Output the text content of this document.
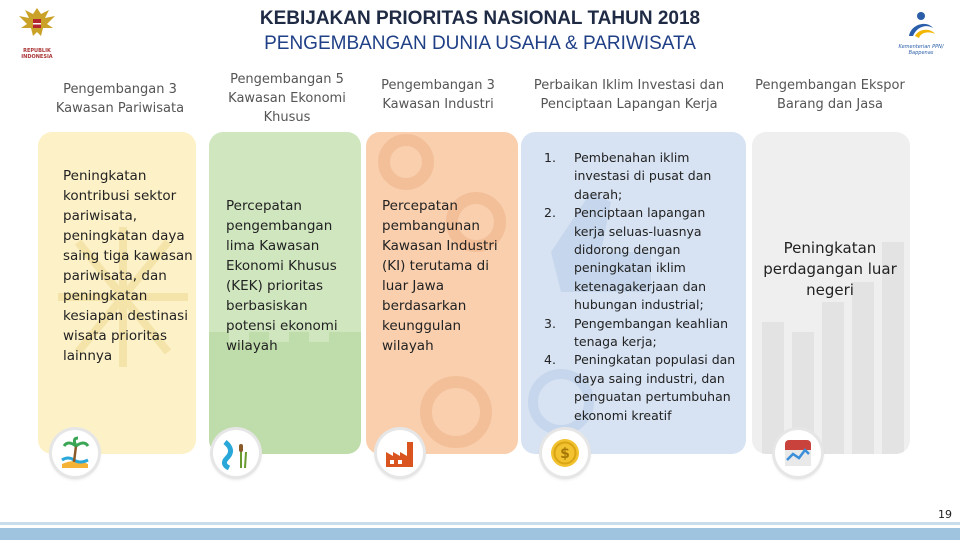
REPUBLIK
INDONESIA
KEBIJAKAN PRIORITAS NASIONAL TAHUN 2018
PENGEMBANGAN DUNIA USAHA & PARIWISATA	Kementerian PPN/
Bappenas
Pengembangan 3 Kawasan Pariwisata
Pengembangan 5 Kawasan Ekonomi Khusus
Pengembangan 3 Kawasan Industri
Perbaikan Iklim Investasi dan Penciptaan Lapangan Kerja
Pengembangan Ekspor Barang dan Jasa
Peningkatan kontribusi sektor pariwisata, peningkatan daya saing tiga kawasan pariwisata, dan peningkatan kesiapan destinasi wisata prioritas lainnya
Percepatan pengembangan lima Kawasan Ekonomi Khusus (KEK) prioritas berbasiskan potensi ekonomi wilayah
Percepatan pembangunan Kawasan Industri (KI) terutama di luar Jawa berdasarkan keunggulan wilayah
1. Pembenahan iklim investasi di pusat dan daerah;
2. Penciptaan lapangan kerja seluas-luasnya didorong dengan peningkatan iklim ketenagakerjaan dan hubungan industrial;
3. Pengembangan keahlian tenaga kerja;
4. Peningkatan populasi dan daya saing industri, dan penguatan pertumbuhan ekonomi kreatif
Peningkatan perdagangan luar negeri
$
19
